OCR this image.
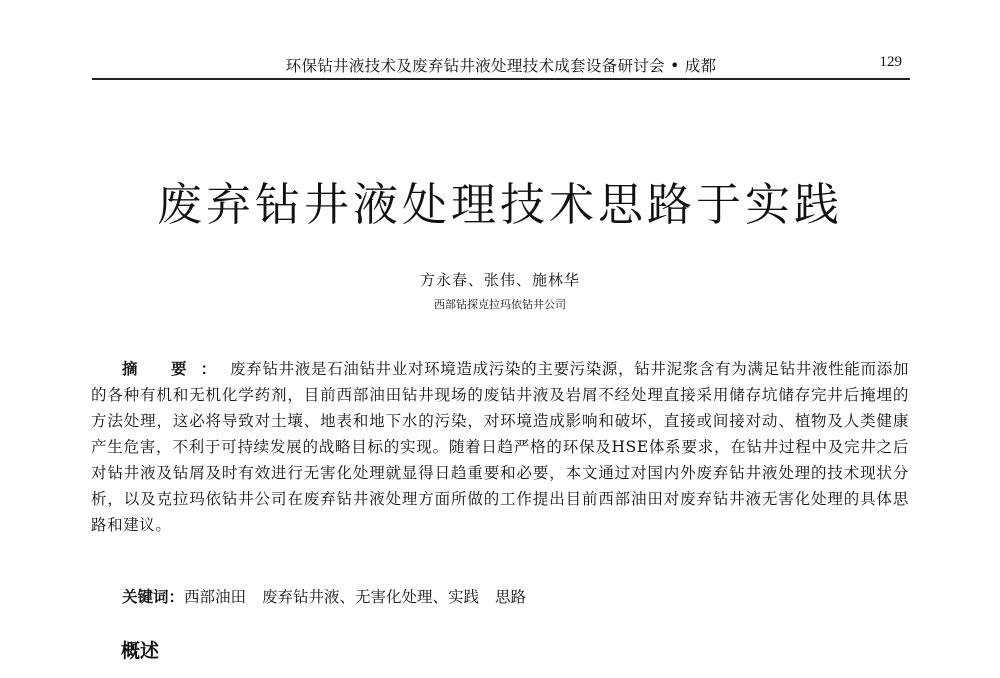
环保钻井液技术及废弃钻井液处理技术成套设备研讨会 • 成都	129
废弃钻井液处理技术思路于实践
方永春、张伟、施林华
西部钻探克拉玛依钻井公司

摘 要：废弃钻井液是石油钻井业对环境造成污染的主要污染源，钻井泥浆含有为满足钻井液性能而添加的各种有机和无机化学药剂，目前西部油田钻井现场的废钻井液及岩屑不经处理直接采用储存坑储存完井后掩埋的方法处理，这必将导致对土壤、地表和地下水的污染，对环境造成影响和破坏，直接或间接对动、植物及人类健康产生危害，不利于可持续发展的战略目标的实现。随着日趋严格的环保及HSE体系要求，在钻井过程中及完井之后对钻井液及钻屑及时有效进行无害化处理就显得日趋重要和必要，本文通过对国内外废弃钻井液处理的技术现状分析，以及克拉玛依钻井公司在废弃钻井液处理方面所做的工作提出目前西部油田对废弃钻井液无害化处理的具体思路和建议。

关键词：西部油田 废弃钻井液、无害化处理、实践 思路

概述
